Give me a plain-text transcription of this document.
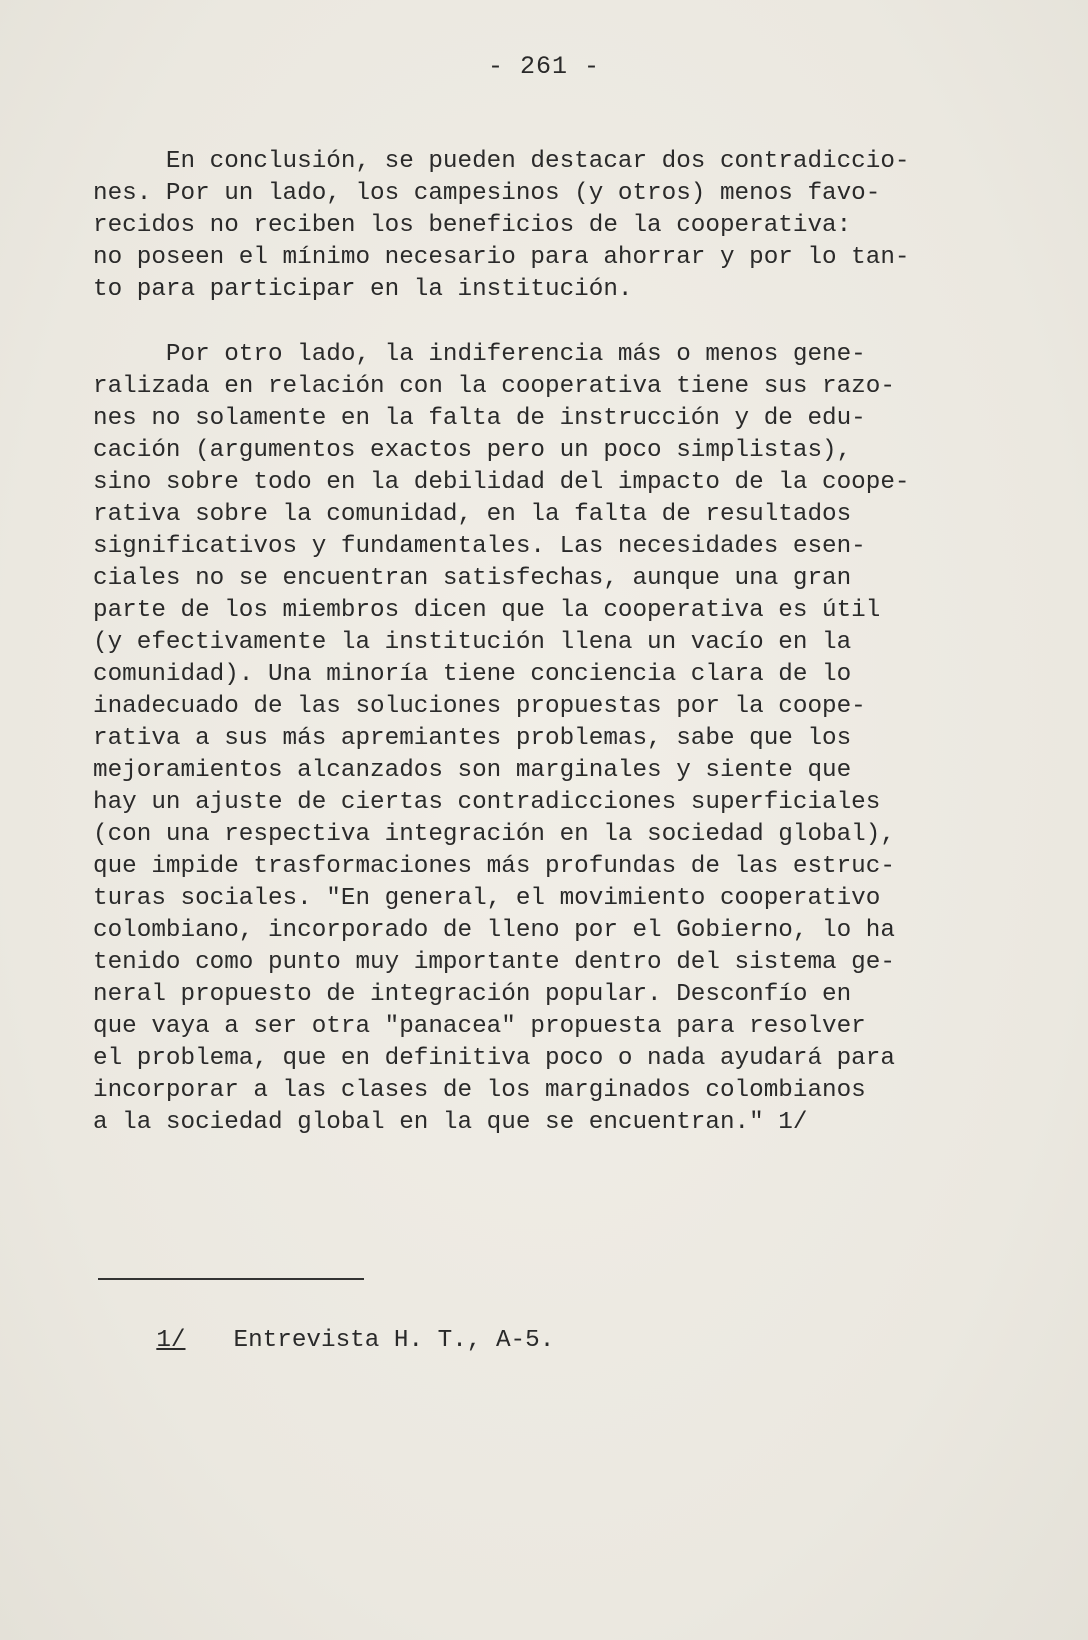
- 261 -
En conclusión, se pueden destacar dos contradiccio-
nes. Por un lado, los campesinos (y otros) menos favo-
recidos no reciben los beneficios de la cooperativa:
no poseen el mínimo necesario para ahorrar y por lo tan-
to para participar en la institución.
Por otro lado, la indiferencia más o menos gene-
ralizada en relación con la cooperativa tiene sus razo-
nes no solamente en la falta de instrucción y de edu-
cación (argumentos exactos pero un poco simplistas),
sino sobre todo en la debilidad del impacto de la coope-
rativa sobre la comunidad, en la falta de resultados
significativos y fundamentales. Las necesidades esen-
ciales no se encuentran satisfechas, aunque una gran
parte de los miembros dicen que la cooperativa es útil
(y efectivamente la institución llena un vacío en la
comunidad). Una minoría tiene conciencia clara de lo
inadecuado de las soluciones propuestas por la coope-
rativa a sus más apremiantes problemas, sabe que los
mejoramientos alcanzados son marginales y siente que
hay un ajuste de ciertas contradicciones superficiales
(con una respectiva integración en la sociedad global),
que impide trasformaciones más profundas de las estruc-
turas sociales. "En general, el movimiento cooperativo
colombiano, incorporado de lleno por el Gobierno, lo ha
tenido como punto muy importante dentro del sistema ge-
neral propuesto de integración popular. Desconfío en
que vaya a ser otra "panacea" propuesta para resolver
el problema, que en definitiva poco o nada ayudará para
incorporar a las clases de los marginados colombianos
a la sociedad global en la que se encuentran." 1/

1/ Entrevista H. T., A-5.
